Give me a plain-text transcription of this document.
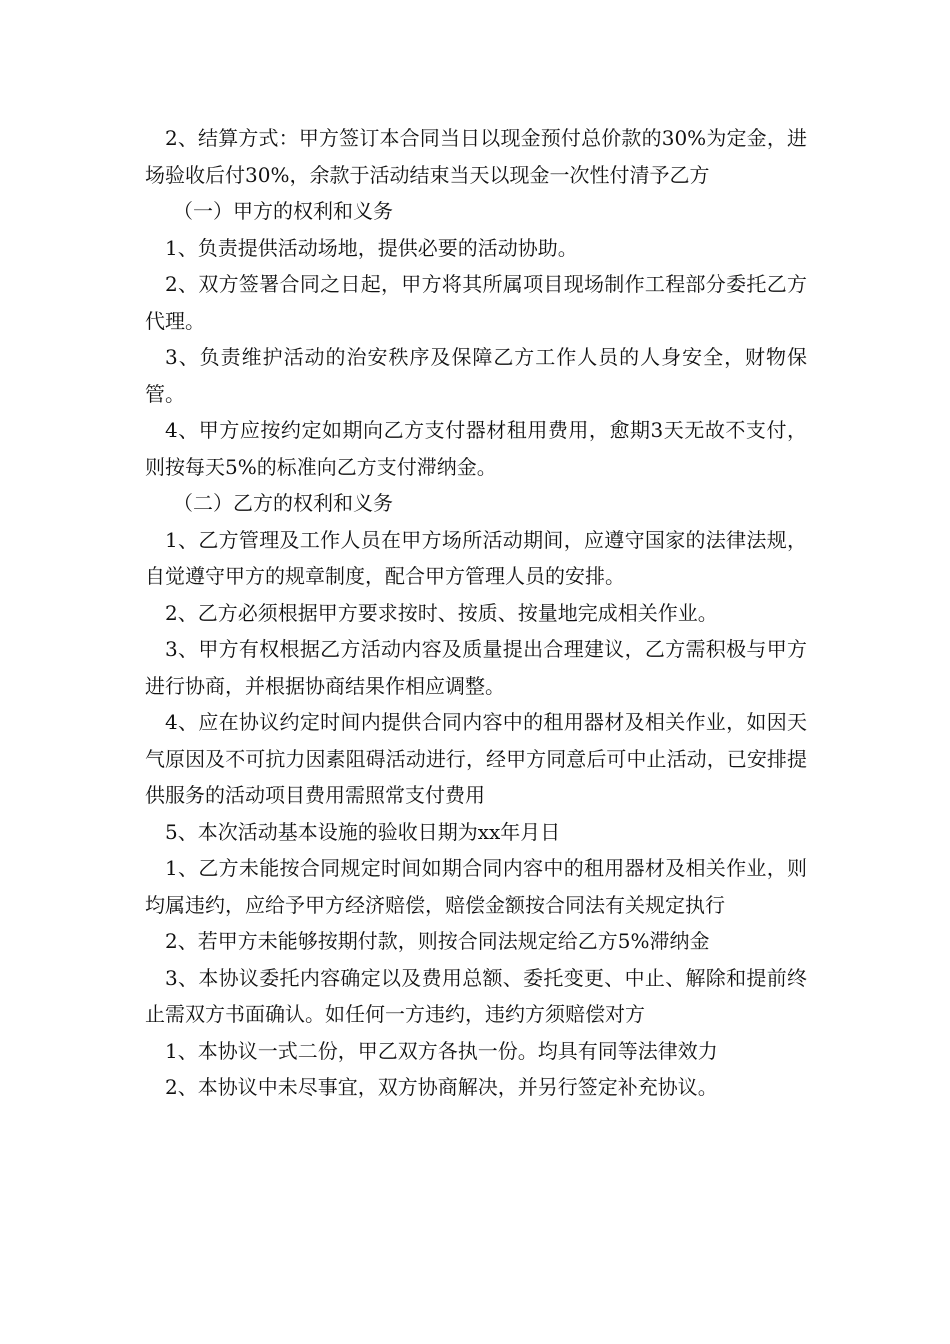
2、结算方式：甲方签订本合同当日以现金预付总价款的30%为定金，进场验收后付30%，余款于活动结束当天以现金一次性付清予乙方

（一）甲方的权利和义务

1、负责提供活动场地，提供必要的活动协助。

2、双方签署合同之日起，甲方将其所属项目现场制作工程部分委托乙方代理。

3、负责维护活动的治安秩序及保障乙方工作人员的人身安全，财物保管。

4、甲方应按约定如期向乙方支付器材租用费用，愈期3天无故不支付，则按每天5%的标准向乙方支付滞纳金。

（二）乙方的权利和义务

1、乙方管理及工作人员在甲方场所活动期间，应遵守国家的法律法规，自觉遵守甲方的规章制度，配合甲方管理人员的安排。

2、乙方必须根据甲方要求按时、按质、按量地完成相关作业。

3、甲方有权根据乙方活动内容及质量提出合理建议，乙方需积极与甲方进行协商，并根据协商结果作相应调整。

4、应在协议约定时间内提供合同内容中的租用器材及相关作业，如因天气原因及不可抗力因素阻碍活动进行，经甲方同意后可中止活动，已安排提供服务的活动项目费用需照常支付费用

5、本次活动基本设施的验收日期为xx年月日

1、乙方未能按合同规定时间如期合同内容中的租用器材及相关作业，则均属违约，应给予甲方经济赔偿，赔偿金额按合同法有关规定执行

2、若甲方未能够按期付款，则按合同法规定给乙方5%滞纳金

3、本协议委托内容确定以及费用总额、委托变更、中止、解除和提前终止需双方书面确认。如任何一方违约，违约方须赔偿对方

1、本协议一式二份，甲乙双方各执一份。均具有同等法律效力

2、本协议中未尽事宜，双方协商解决，并另行签定补充协议。
